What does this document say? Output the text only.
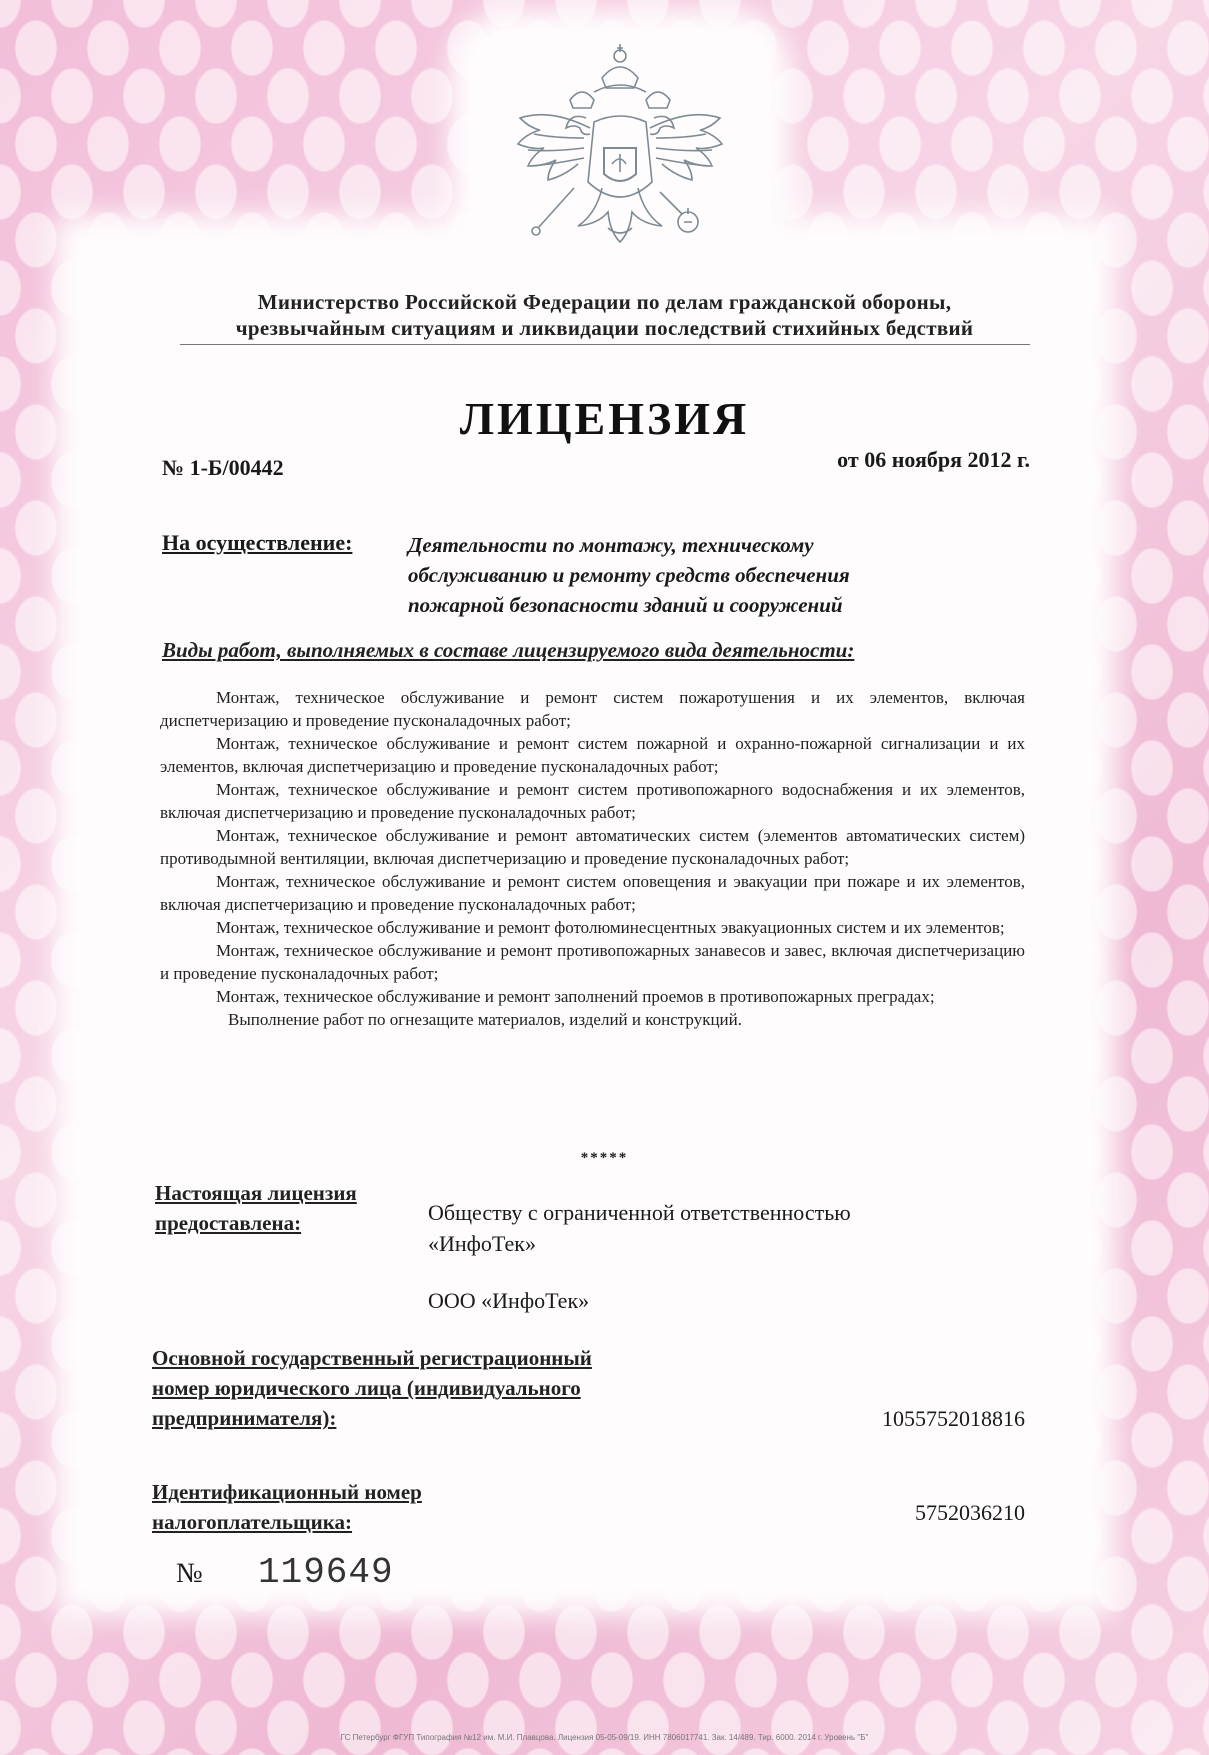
Министерство Российской Федерации по делам гражданской обороны,
чрезвычайным ситуациям и ликвидации последствий стихийных бедствий
ЛИЦЕНЗИЯ
№ 1-Б/00442	от 06 ноября 2012 г.
На осуществление:	Деятельности по монтажу, техническому
обслуживанию и ремонту средств обеспечения
пожарной безопасности зданий и сооружений
Виды работ, выполняемых в составе лицензируемого вида деятельности:

Монтаж, техническое обслуживание и ремонт систем пожаротушения и их элементов, включая диспетчеризацию и проведение пусконаладочных работ;

Монтаж, техническое обслуживание и ремонт систем пожарной и охранно-пожарной сигнализации и их элементов, включая диспетчеризацию и проведение пусконаладочных работ;

Монтаж, техническое обслуживание и ремонт систем противопожарного водоснабжения и их элементов, включая диспетчеризацию и проведение пусконаладочных работ;

Монтаж, техническое обслуживание и ремонт автоматических систем (элементов автоматических систем) противодымной вентиляции, включая диспетчеризацию и проведение пусконаладочных работ;

Монтаж, техническое обслуживание и ремонт систем оповещения и эвакуации при пожаре и их элементов, включая диспетчеризацию и проведение пусконаладочных работ;

Монтаж, техническое обслуживание и ремонт фотолюминесцентных эвакуационных систем и их элементов;

Монтаж, техническое обслуживание и ремонт противопожарных занавесов и завес, включая диспетчеризацию и проведение пусконаладочных работ;

Монтаж, техническое обслуживание и ремонт заполнений проемов в противопожарных преградах;

Выполнение работ по огнезащите материалов, изделий и конструкций.

*****
Настоящая лицензия
предоставлена:	Обществу с ограниченной ответственностью
«ИнфоТек»
ООО «ИнфоТек»
Основной государственный регистрационный
номер юридического лица (индивидуального
предпринимателя):	1055752018816
Идентификационный номер
налогоплательщика:	5752036210
№ 119649
ГС Петербург ФГУП Типография №12 им. М.И. Плавцова. Лицензия 05-05-09/19. ИНН 7806017741. Зак. 14/489. Тир. 6000. 2014 г. Уровень "Б"
